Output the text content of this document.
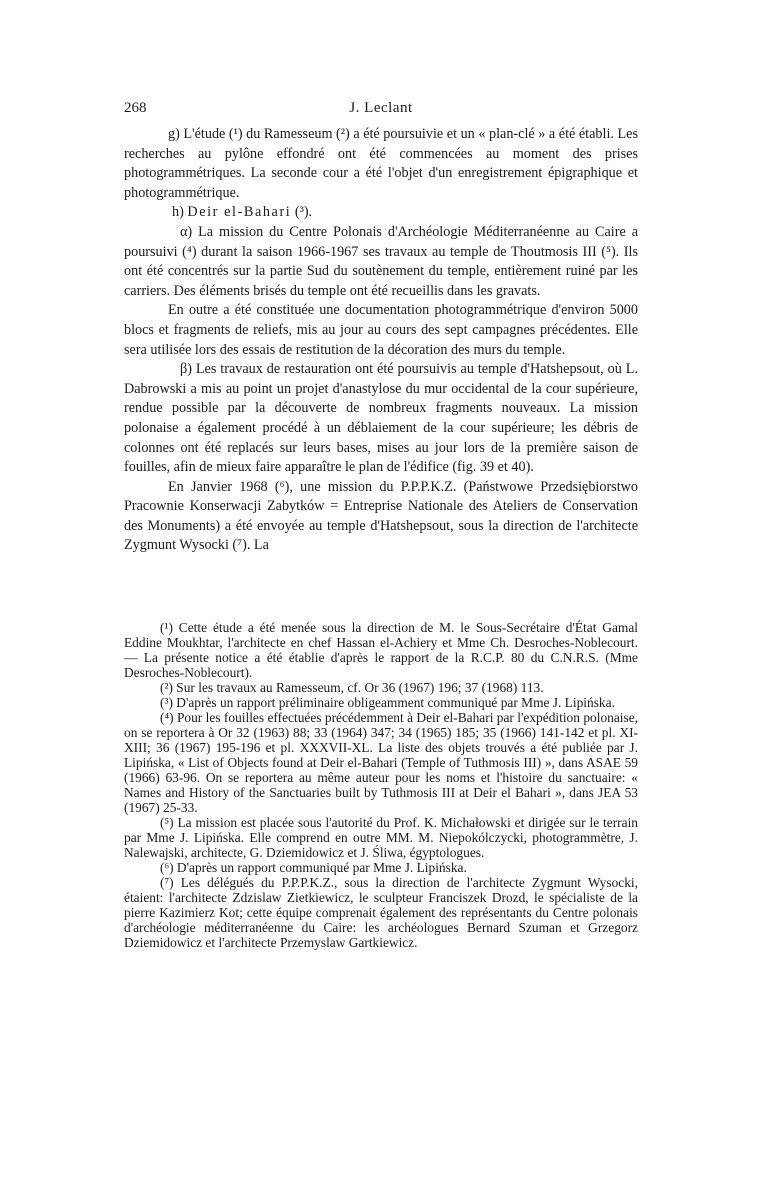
268	J. Leclant

g) L'étude (¹) du Ramesseum (²) a été poursuivie et un « plan-clé » a été établi. Les recherches au pylône effondré ont été commencées au moment des prises photogrammétriques. La seconde cour a été l'objet d'un enregistrement épigraphique et photogrammétrique.

h) Deir el-Bahari (³).

α) La mission du Centre Polonais d'Archéologie Méditerranéenne au Caire a poursuivi (⁴) durant la saison 1966-1967 ses travaux au temple de Thoutmosis III (⁵). Ils ont été concentrés sur la partie Sud du soutènement du temple, entièrement ruiné par les carriers. Des éléments brisés du temple ont été recueillis dans les gravats.

En outre a été constituée une documentation photogrammétrique d'environ 5000 blocs et fragments de reliefs, mis au jour au cours des sept campagnes précédentes. Elle sera utilisée lors des essais de restitution de la décoration des murs du temple.

β) Les travaux de restauration ont été poursuivis au temple d'Hatshepsout, où L. Dabrowski a mis au point un projet d'anastylose du mur occidental de la cour supérieure, rendue possible par la découverte de nombreux fragments nouveaux. La mission polonaise a également procédé à un déblaiement de la cour supérieure; les débris de colonnes ont été replacés sur leurs bases, mises au jour lors de la première saison de fouilles, afin de mieux faire apparaître le plan de l'édifice (fig. 39 et 40).

En Janvier 1968 (⁶), une mission du P.P.P.K.Z. (Państwowe Przedsiębiorstwo Pracownie Konserwacji Zabytków = Entreprise Nationale des Ateliers de Conservation des Monuments) a été envoyée au temple d'Hatshepsout, sous la direction de l'architecte Zygmunt Wysocki (⁷). La

(¹) Cette étude a été menée sous la direction de M. le Sous-Secrétaire d'État Gamal Eddine Moukhtar, l'architecte en chef Hassan el-Achiery et Mme Ch. Desroches-Noblecourt. — La présente notice a été établie d'après le rapport de la R.C.P. 80 du C.N.R.S. (Mme Desroches-Noblecourt).

(²) Sur les travaux au Ramesseum, cf. Or 36 (1967) 196; 37 (1968) 113.

(³) D'après un rapport préliminaire obligeamment communiqué par Mme J. Lipińska.

(⁴) Pour les fouilles effectuées précédemment à Deir el-Bahari par l'expédition polonaise, on se reportera à Or 32 (1963) 88; 33 (1964) 347; 34 (1965) 185; 35 (1966) 141-142 et pl. XI-XIII; 36 (1967) 195-196 et pl. XXXVII-XL. La liste des objets trouvés a été publiée par J. Lipińska, « List of Objects found at Deir el-Bahari (Temple of Tuthmosis III) », dans ASAE 59 (1966) 63-96. On se reportera au même auteur pour les noms et l'histoire du sanctuaire: « Names and History of the Sanctuaries built by Tuthmosis III at Deir el Bahari », dans JEA 53 (1967) 25-33.

(⁵) La mission est placée sous l'autorité du Prof. K. Michałowski et dirigée sur le terrain par Mme J. Lipińska. Elle comprend en outre MM. M. Niepokólczycki, photogrammètre, J. Nalewajski, architecte, G. Dziemidowicz et J. Śliwa, égyptologues.

(⁶) D'après un rapport communiqué par Mme J. Lipińska.

(⁷) Les délégués du P.P.P.K.Z., sous la direction de l'architecte Zygmunt Wysocki, étaient: l'architecte Zdzislaw Zietkiewicz, le sculpteur Franciszek Drozd, le spécialiste de la pierre Kazimierz Kot; cette équipe comprenait également des représentants du Centre polonais d'archéologie méditerranéenne du Caire: les archéologues Bernard Szuman et Grzegorz Dziemidowicz et l'architecte Przemyslaw Gartkiewicz.
